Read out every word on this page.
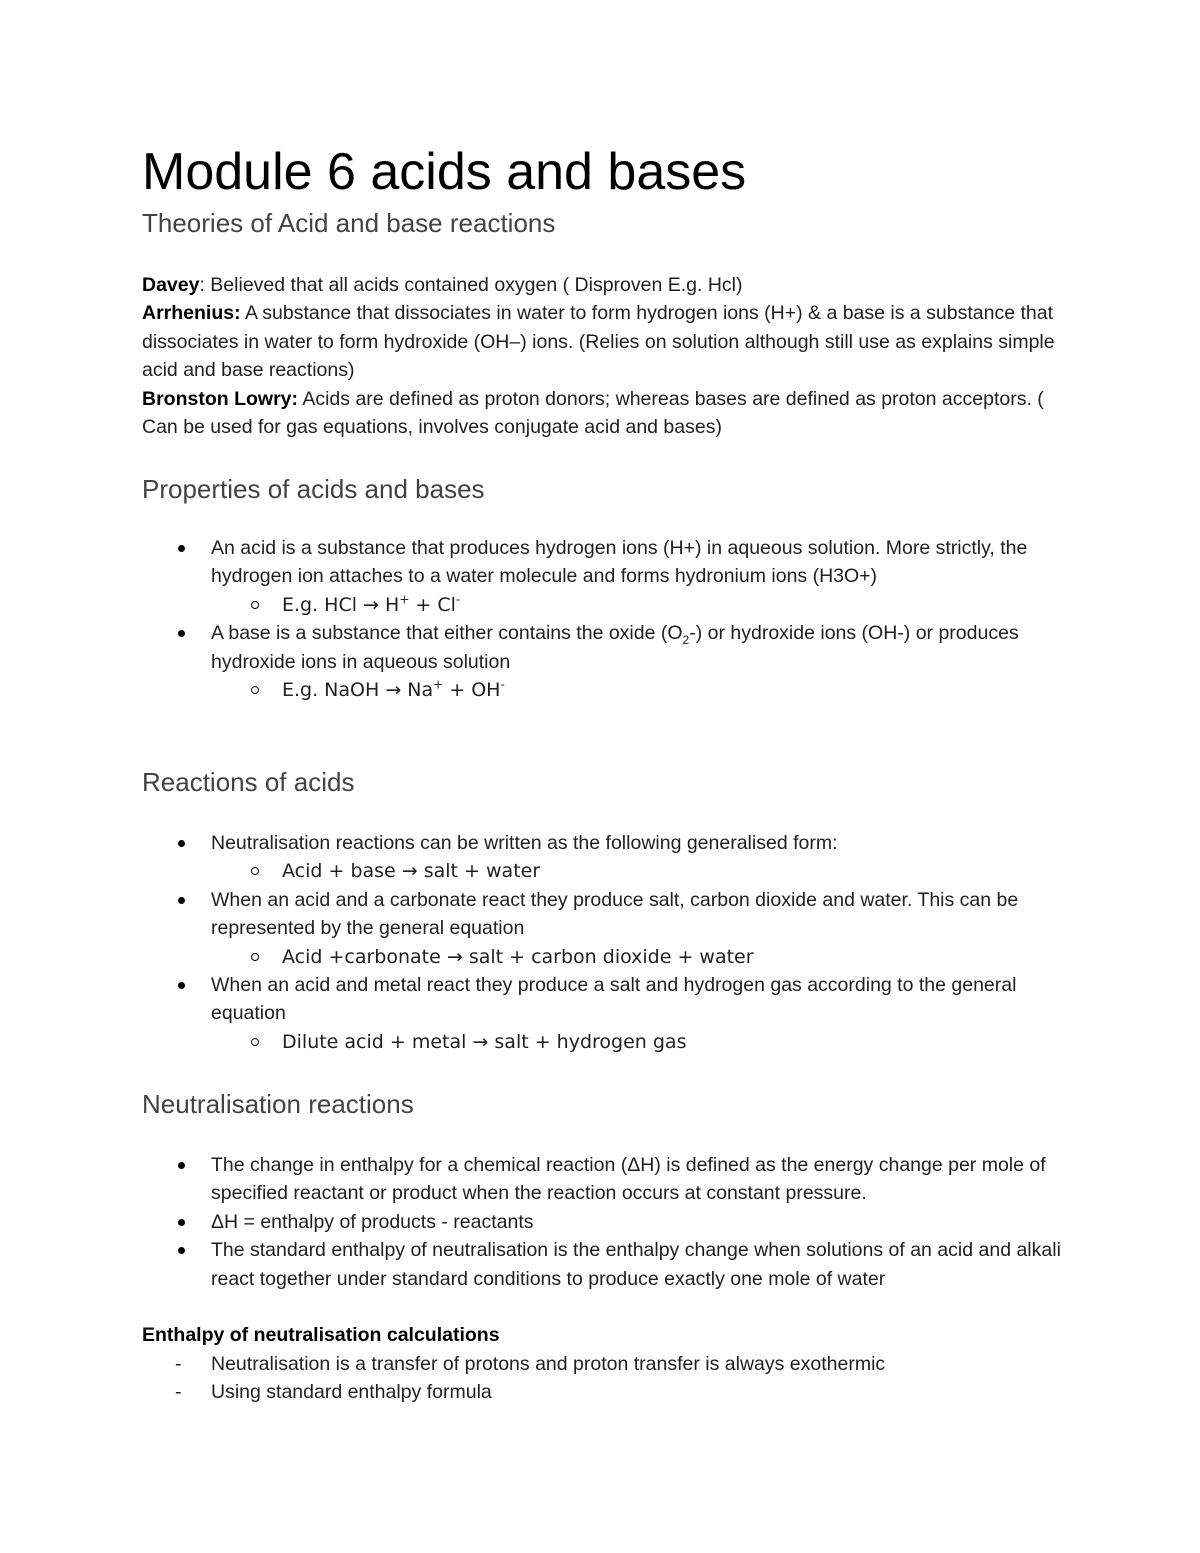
Module 6 acids and bases
Theories of Acid and base reactions

Davey: Believed that all acids contained oxygen ( Disproven E.g. Hcl)

Arrhenius: A substance that dissociates in water to form hydrogen ions (H+) & a base is a substance that dissociates in water to form hydroxide (OH–) ions. (Relies on solution although still use as explains simple acid and base reactions)

Bronston Lowry: Acids are defined as proton donors; whereas bases are defined as proton acceptors. ( Can be used for gas equations, involves conjugate acid and bases)

Properties of acids and bases
An acid is a substance that produces hydrogen ions (H+) in aqueous solution. More strictly, the hydrogen ion attaches to a water molecule and forms hydronium ions (H3O+)
E.g. HCl → H+ + Cl-
A base is a substance that either contains the oxide $(O_2-)$ or hydroxide ions (OH-) or produces hydroxide ions in aqueous solution
E.g. NaOH → Na+ + OH-
Reactions of acids
Neutralisation reactions can be written as the following generalised form:
Acid + base → salt + water
When an acid and a carbonate react they produce salt, carbon dioxide and water. This can be represented by the general equation
Acid +carbonate → salt + carbon dioxide + water
When an acid and metal react they produce a salt and hydrogen gas according to the general equation
Dilute acid + metal → salt + hydrogen gas
Neutralisation reactions
The change in enthalpy for a chemical reaction (ΔH) is defined as the energy change per mole of specified reactant or product when the reaction occurs at constant pressure.
ΔH = enthalpy of products - reactants
The standard enthalpy of neutralisation is the enthalpy change when solutions of an acid and alkali react together under standard conditions to produce exactly one mole of water
Enthalpy of neutralisation calculations
- Neutralisation is a transfer of protons and proton transfer is always exothermic
- Using standard enthalpy formula
